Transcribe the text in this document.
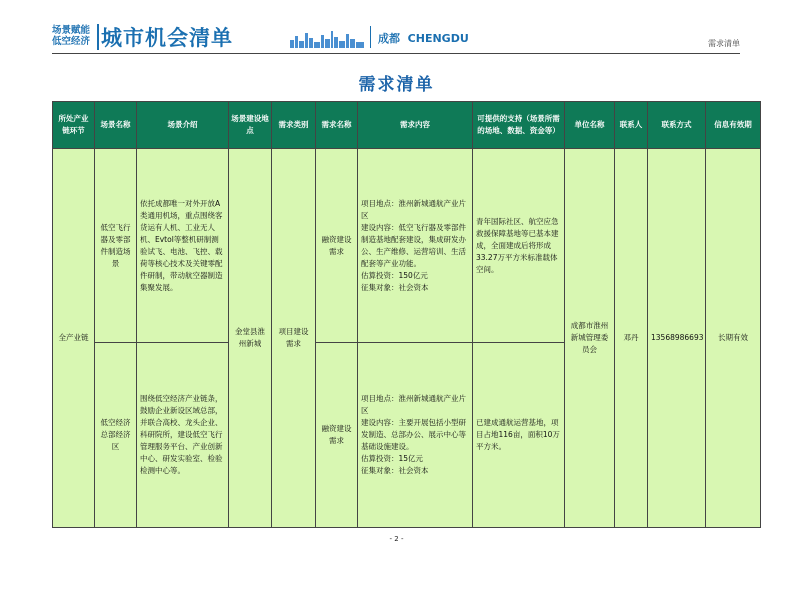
场景赋能
低空经济 城市机会清单	成都 CHENGDU	需求清单
需求清单
所处产业链环节	场景名称	场景介绍	场景建设地点	需求类别	需求名称	需求内容	可提供的支持（场景所需的场地、数据、资金等）	单位名称	联系人	联系方式	信息有效期
全产业链	低空飞行器及零部件制造场景	依托成都唯一对外开放A类通用机场，重点围绕客货运有人机、工业无人机、Evtol等整机研制测验试飞、电池、飞控、载荷等核心技术及关键零配件研制，带动航空器制造集聚发展。	金堂县淮州新城	项目建设需求	融资建设需求	项目地点：淮州新城通航产业片区
建设内容：低空飞行器及零部件制造基地配套建设，集成研发办公、生产维修、运营培训、生活配套等产业功能。
估算投资：150亿元
征集对象：社会资本	青年国际社区、航空应急救援保障基地等已基本建成，全面建成后将形成33.27万平方米标准载体空间。	成都市淮州新城管理委员会	邓丹	13568986693	长期有效
	低空经济总部经济区	围绕低空经济产业链条，鼓励企业新设区域总部，并联合高校、龙头企业、科研院所，建设低空飞行管理服务平台、产业创新中心、研发实验室、检验检测中心等。			融资建设需求	项目地点：淮州新城通航产业片区
建设内容：主要开展包括小型研发制造、总部办公、展示中心等基础设施建设。
估算投资：15亿元
征集对象：社会资本	已建成通航运营基地，项目占地116亩，面积10万平方米。				
- 2 -
